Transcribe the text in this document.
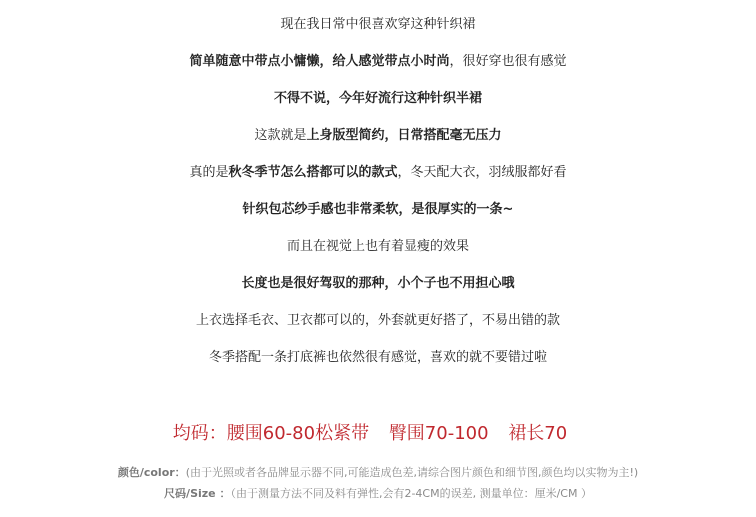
现在我日常中很喜欢穿这种针织裙
简单随意中带点小慵懒，给人感觉带点小时尚，很好穿也很有感觉
不得不说，今年好流行这种针织半裙
这款就是上身版型简约，日常搭配毫无压力
真的是秋冬季节怎么搭都可以的款式，冬天配大衣，羽绒服都好看
针织包芯纱手感也非常柔软，是很厚实的一条~
而且在视觉上也有着显瘦的效果
长度也是很好驾驭的那种，小个子也不用担心哦
上衣选择毛衣、卫衣都可以的，外套就更好搭了，不易出错的款
冬季搭配一条打底裤也依然很有感觉，喜欢的就不要错过啦
均码：腰围60-80松紧带 臀围70-100 裙长70
颜色/color：(由于光照或者各品牌显示器不同,可能造成色差,请综合图片颜色和细节图,颜色均以实物为主!)
尺码/Size ：（由于测量方法不同及料有弹性,会有2-4CM的误差, 测量单位：厘米/CM ）
